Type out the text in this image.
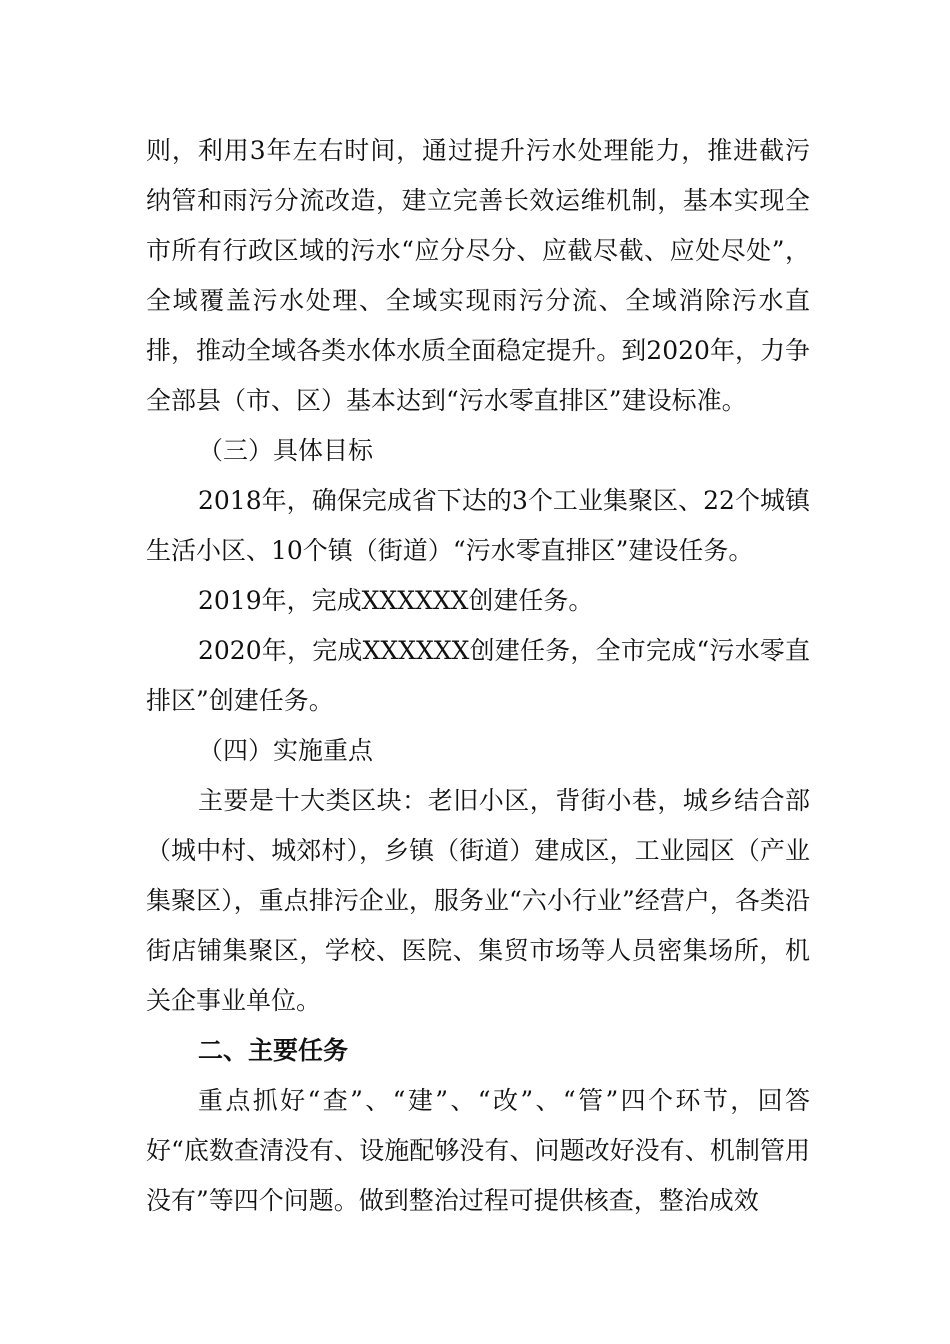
则，利用3年左右时间，通过提升污水处理能力，推进截污纳管和雨污分流改造，建立完善长效运维机制，基本实现全市所有行政区域的污水“应分尽分、应截尽截、应处尽处”，全域覆盖污水处理、全域实现雨污分流、全域消除污水直排，推动全域各类水体水质全面稳定提升。到2020年，力争全部县（市、区）基本达到“污水零直排区”建设标准。

（三）具体目标

2018年，确保完成省下达的3个工业集聚区、22个城镇生活小区、10个镇（街道）“污水零直排区”建设任务。

2019年，完成XXXXXX创建任务。

2020年，完成XXXXXX创建任务，全市完成“污水零直排区”创建任务。

（四）实施重点

主要是十大类区块：老旧小区，背街小巷，城乡结合部（城中村、城郊村），乡镇（街道）建成区，工业园区（产业集聚区），重点排污企业，服务业“六小行业”经营户，各类沿街店铺集聚区，学校、医院、集贸市场等人员密集场所，机关企事业单位。

二、主要任务

重点抓好“查”、“建”、“改”、“管”四个环节，回答好“底数查清没有、设施配够没有、问题改好没有、机制管用没有”等四个问题。做到整治过程可提供核查，整治成效
